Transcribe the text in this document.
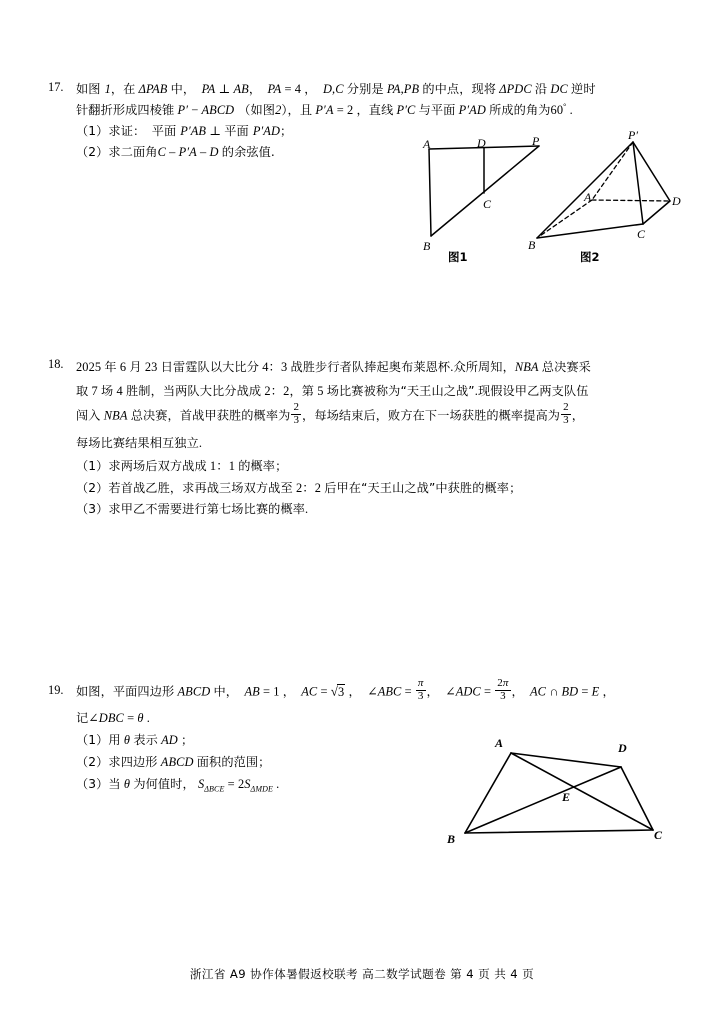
17. 如图 1，在 ΔPAB 中，  PA ⊥ AB，  PA = 4 ，  D,C 分别是 PA,PB 的中点，现将 ΔPDC 沿 DC 逆时
针翻折形成四棱锥 P′ − ABCD （如图2），且 P′A = 2 ，直线 P′C 与平面 P′AD 所成的角为60° .
（1）求证： 平面 P′AB ⊥ 平面 P′AD；
（2）求二面角C – P′A – D 的余弦值.
A	D	P
C
B
图1
P′
A	D
C
B
图2
18. 2025 年 6 月 23 日雷霆队以大比分 4：3 战胜步行者队捧起奥布莱恩杯.众所周知，NBA 总决赛采
取 7 场 4 胜制，当两队大比分战成 2：2，第 5 场比赛被称为“天王山之战”.现假设甲乙两支队伍
闯入 NBA 总决赛，首战甲获胜的概率为 $\frac{2}{3}$ ，每场结束后，败方在下一场获胜的概率提高为 $\frac{2}{3}$ ，
每场比赛结果相互独立.
（1）求两场后双方战成 1：1 的概率；
（2）若首战乙胜，求再战三场双方战至 2：2 后甲在“天王山之战”中获胜的概率；
（3）求甲乙不需要进行第七场比赛的概率.
19. 如图，平面四边形 ABCD 中，  AB = 1 ，  AC = √3 ，  ∠ABC = $\frac{\pi}{3}$ ，  ∠ADC = $\frac{2\pi}{3}$ ，  AC ∩ BD = E ，
记∠DBC = θ .
（1）用 θ 表示 AD ；
（2）求四边形 ABCD 面积的范围；
（3）当 θ 为何值时， $S_{\Delta BCE} = 2S_{\Delta MDE}$ .
A	D
E
B	C
浙江省 A9 协作体暑假返校联考 高二数学试题卷 第 4 页 共 4 页
